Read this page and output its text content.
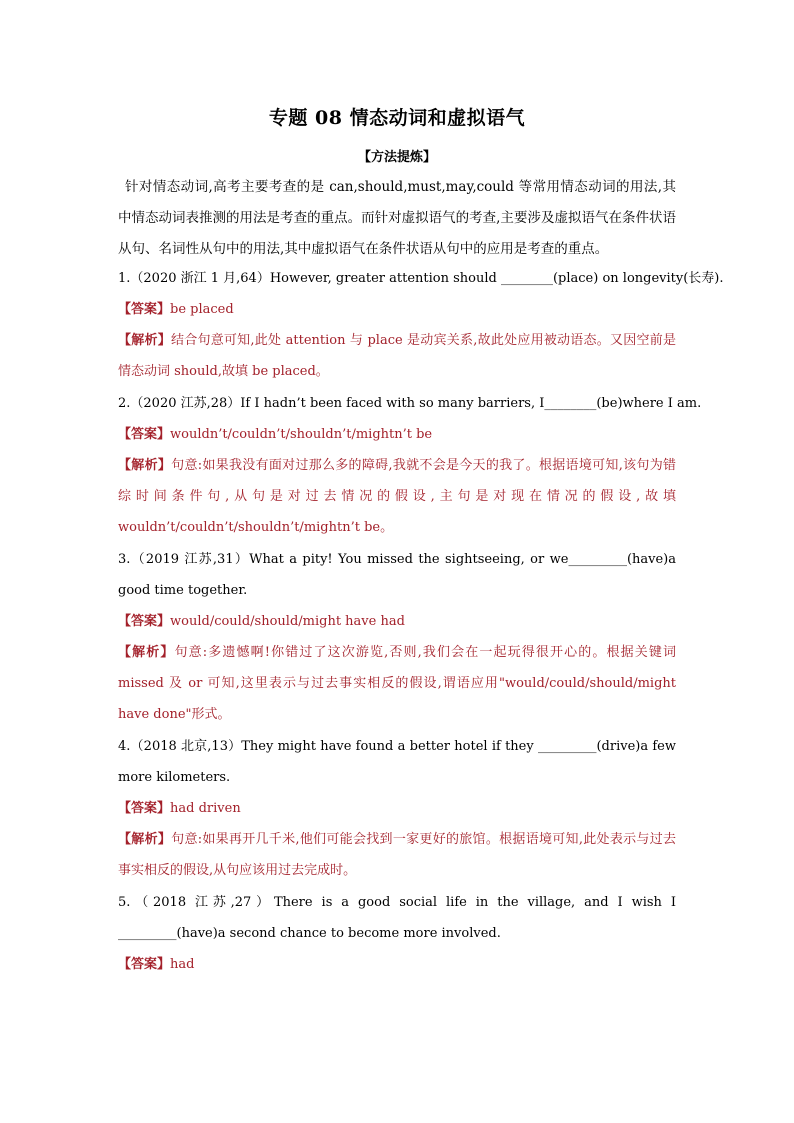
专题 08 情态动词和虚拟语气
【方法提炼】
针对情态动词,高考主要考查的是 can,should,must,may,could 等常用情态动词的用法,其中情态动词表推测的用法是考查的重点。而针对虚拟语气的考查,主要涉及虚拟语气在条件状语从句、名词性从句中的用法,其中虚拟语气在条件状语从句中的应用是考查的重点。
1.（2020 浙江 1 月,64）However, greater attention should ________(place) on longevity(长寿).
【答案】be placed
【解析】结合句意可知,此处 attention 与 place 是动宾关系,故此处应用被动语态。又因空前是情态动词 should,故填 be placed。
2.（2020 江苏,28）If I hadn’t been faced with so many barriers, I________(be)where I am.
【答案】wouldn’t/couldn’t/shouldn’t/mightn’t be
【解析】句意:如果我没有面对过那么多的障碍,我就不会是今天的我了。根据语境可知,该句为错综时间条件句,从句是对过去情况的假设,主句是对现在情况的假设,故填 wouldn’t/couldn’t/shouldn’t/mightn’t be。
3.（2019 江苏,31）What a pity! You missed the sightseeing, or we_________(have)a good time together.
【答案】would/could/should/might have had
【解析】句意:多遗憾啊!你错过了这次游览,否则,我们会在一起玩得很开心的。根据关键词 missed 及 or 可知,这里表示与过去事实相反的假设,谓语应用"would/could/should/might have done"形式。
4.（2018 北京,13）They might have found a better hotel if they _________(drive)a few more kilometers.
【答案】had driven
【解析】句意:如果再开几千米,他们可能会找到一家更好的旅馆。根据语境可知,此处表示与过去事实相反的假设,从句应该用过去完成时。
5.（2018 江苏,27）There is a good social life in the village, and I wish I _________(have)a second chance to become more involved.
【答案】had
